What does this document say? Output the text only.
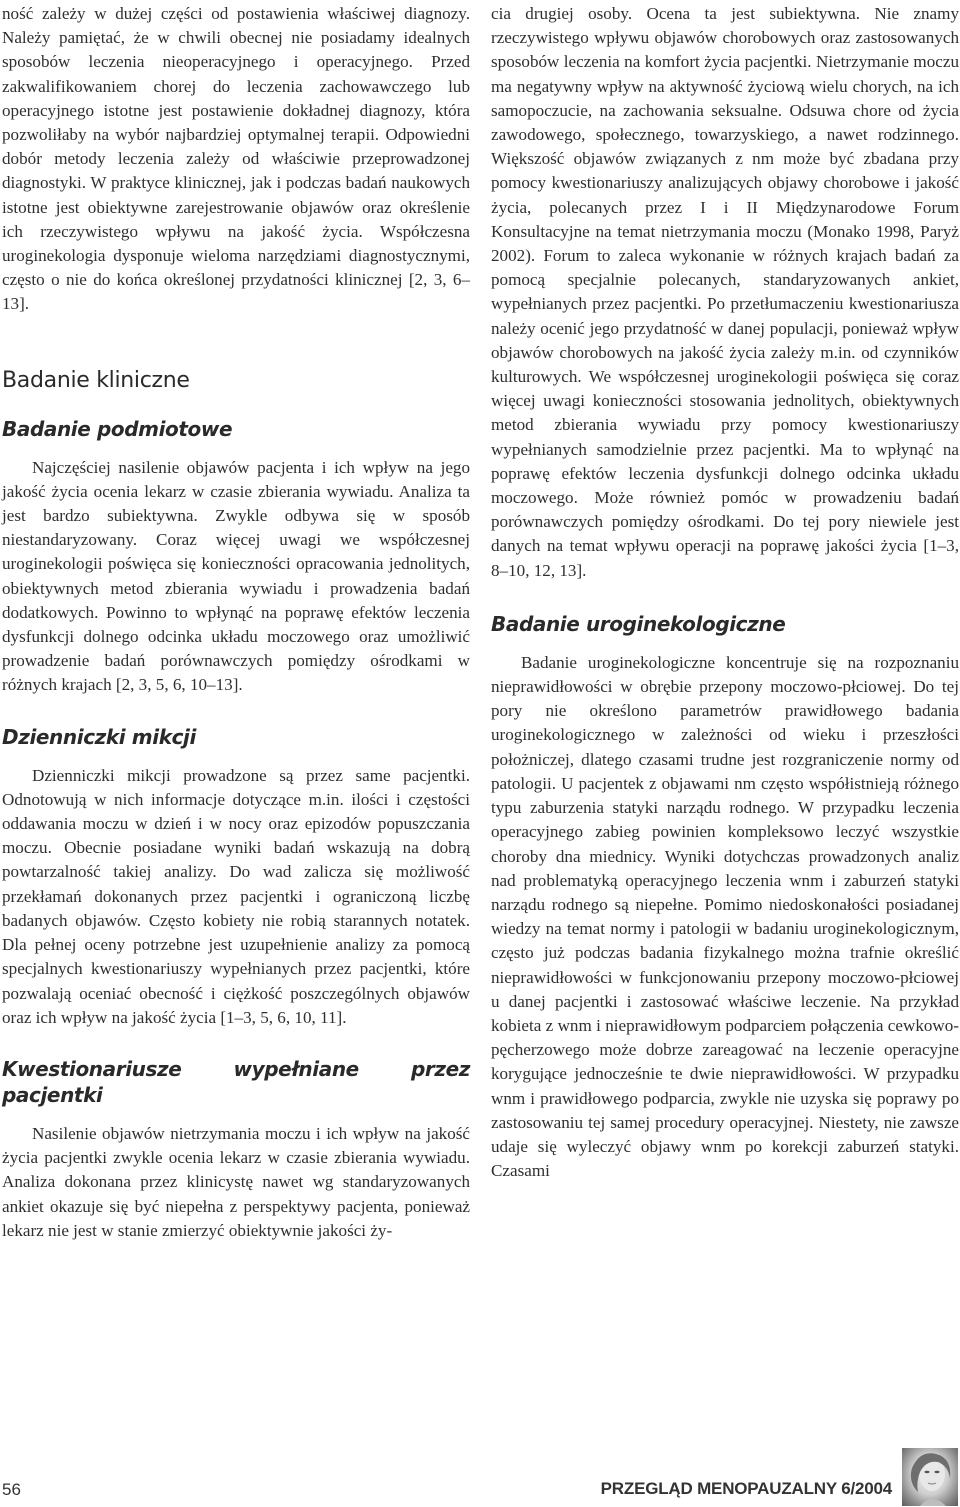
ność zależy w dużej części od postawienia właściwej diagnozy. Należy pamiętać, że w chwili obecnej nie posiadamy idealnych sposobów leczenia nieoperacyjnego i operacyjnego. Przed zakwalifikowaniem chorej do leczenia zachowawczego lub operacyjnego istotne jest postawienie dokładnej diagnozy, która pozwoliłaby na wybór najbardziej optymalnej terapii. Odpowiedni dobór metody leczenia zależy od właściwie przeprowadzonej diagnostyki. W praktyce klinicznej, jak i podczas badań naukowych istotne jest obiektywne zarejestrowanie objawów oraz określenie ich rzeczywistego wpływu na jakość życia. Współczesna uroginekologia dysponuje wieloma narzędziami diagnostycznymi, często o nie do końca określonej przydatności klinicznej [2, 3, 6–13].

Badanie kliniczne
Badanie podmiotowe

Najczęściej nasilenie objawów pacjenta i ich wpływ na jego jakość życia ocenia lekarz w czasie zbierania wywiadu. Analiza ta jest bardzo subiektywna. Zwykle odbywa się w sposób niestandaryzowany. Coraz więcej uwagi we współczesnej uroginekologii poświęca się konieczności opracowania jednolitych, obiektywnych metod zbierania wywiadu i prowadzenia badań dodatkowych. Powinno to wpłynąć na poprawę efektów leczenia dysfunkcji dolnego odcinka układu moczowego oraz umożliwić prowadzenie badań porównawczych pomiędzy ośrodkami w różnych krajach [2, 3, 5, 6, 10–13].

Dzienniczki mikcji

Dzienniczki mikcji prowadzone są przez same pacjentki. Odnotowują w nich informacje dotyczące m.in. ilości i częstości oddawania moczu w dzień i w nocy oraz epizodów popuszczania moczu. Obecnie posiadane wyniki badań wskazują na dobrą powtarzalność takiej analizy. Do wad zalicza się możliwość przekłamań dokonanych przez pacjentki i ograniczoną liczbę badanych objawów. Często kobiety nie robią starannych notatek. Dla pełnej oceny potrzebne jest uzupełnienie analizy za pomocą specjalnych kwestionariuszy wypełnianych przez pacjentki, które pozwalają oceniać obecność i ciężkość poszczególnych objawów oraz ich wpływ na jakość życia [1–3, 5, 6, 10, 11].

Kwestionariusze wypełniane przez pacjentki

Nasilenie objawów nietrzymania moczu i ich wpływ na jakość życia pacjentki zwykle ocenia lekarz w czasie zbierania wywiadu. Analiza dokonana przez klinicystę nawet wg standaryzowanych ankiet okazuje się być niepełna z perspektywy pacjenta, ponieważ lekarz nie jest w stanie zmierzyć obiektywnie jakości ży-

cia drugiej osoby. Ocena ta jest subiektywna. Nie znamy rzeczywistego wpływu objawów chorobowych oraz zastosowanych sposobów leczenia na komfort życia pacjentki. Nietrzymanie moczu ma negatywny wpływ na aktywność życiową wielu chorych, na ich samopoczucie, na zachowania seksualne. Odsuwa chore od życia zawodowego, społecznego, towarzyskiego, a nawet rodzinnego. Większość objawów związanych z nm może być zbadana przy pomocy kwestionariuszy analizujących objawy chorobowe i jakość życia, polecanych przez I i II Międzynarodowe Forum Konsultacyjne na temat nietrzymania moczu (Monako 1998, Paryż 2002). Forum to zaleca wykonanie w różnych krajach badań za pomocą specjalnie polecanych, standaryzowanych ankiet, wypełnianych przez pacjentki. Po przetłumaczeniu kwestionariusza należy ocenić jego przydatność w danej populacji, ponieważ wpływ objawów chorobowych na jakość życia zależy m.in. od czynników kulturowych. We współczesnej uroginekologii poświęca się coraz więcej uwagi konieczności stosowania jednolitych, obiektywnych metod zbierania wywiadu przy pomocy kwestionariuszy wypełnianych samodzielnie przez pacjentki. Ma to wpłynąć na poprawę efektów leczenia dysfunkcji dolnego odcinka układu moczowego. Może również pomóc w prowadzeniu badań porównawczych pomiędzy ośrodkami. Do tej pory niewiele jest danych na temat wpływu operacji na poprawę jakości życia [1–3, 8–10, 12, 13].

Badanie uroginekologiczne

Badanie uroginekologiczne koncentruje się na rozpoznaniu nieprawidłowości w obrębie przepony moczowo-płciowej. Do tej pory nie określono parametrów prawidłowego badania uroginekologicznego w zależności od wieku i przeszłości położniczej, dlatego czasami trudne jest rozgraniczenie normy od patologii. U pacjentek z objawami nm często współistnieją różnego typu zaburzenia statyki narządu rodnego. W przypadku leczenia operacyjnego zabieg powinien kompleksowo leczyć wszystkie choroby dna miednicy. Wyniki dotychczas prowadzonych analiz nad problematyką operacyjnego leczenia wnm i zaburzeń statyki narządu rodnego są niepełne. Pomimo niedoskonałości posiadanej wiedzy na temat normy i patologii w badaniu uroginekologicznym, często już podczas badania fizykalnego można trafnie określić nieprawidłowości w funkcjonowaniu przepony moczowo-płciowej u danej pacjentki i zastosować właściwe leczenie. Na przykład kobieta z wnm i nieprawidłowym podparciem połączenia cewkowo-pęcherzowego może dobrze zareagować na leczenie operacyjne korygujące jednocześnie te dwie nieprawidłowości. W przypadku wnm i prawidłowego podparcia, zwykle nie uzyska się poprawy po zastosowaniu tej samej procedury operacyjnej. Niestety, nie zawsze udaje się wyleczyć objawy wnm po korekcji zaburzeń statyki. Czasami

56	PRZEGLĄD MENOPAUZALNY 6/2004
